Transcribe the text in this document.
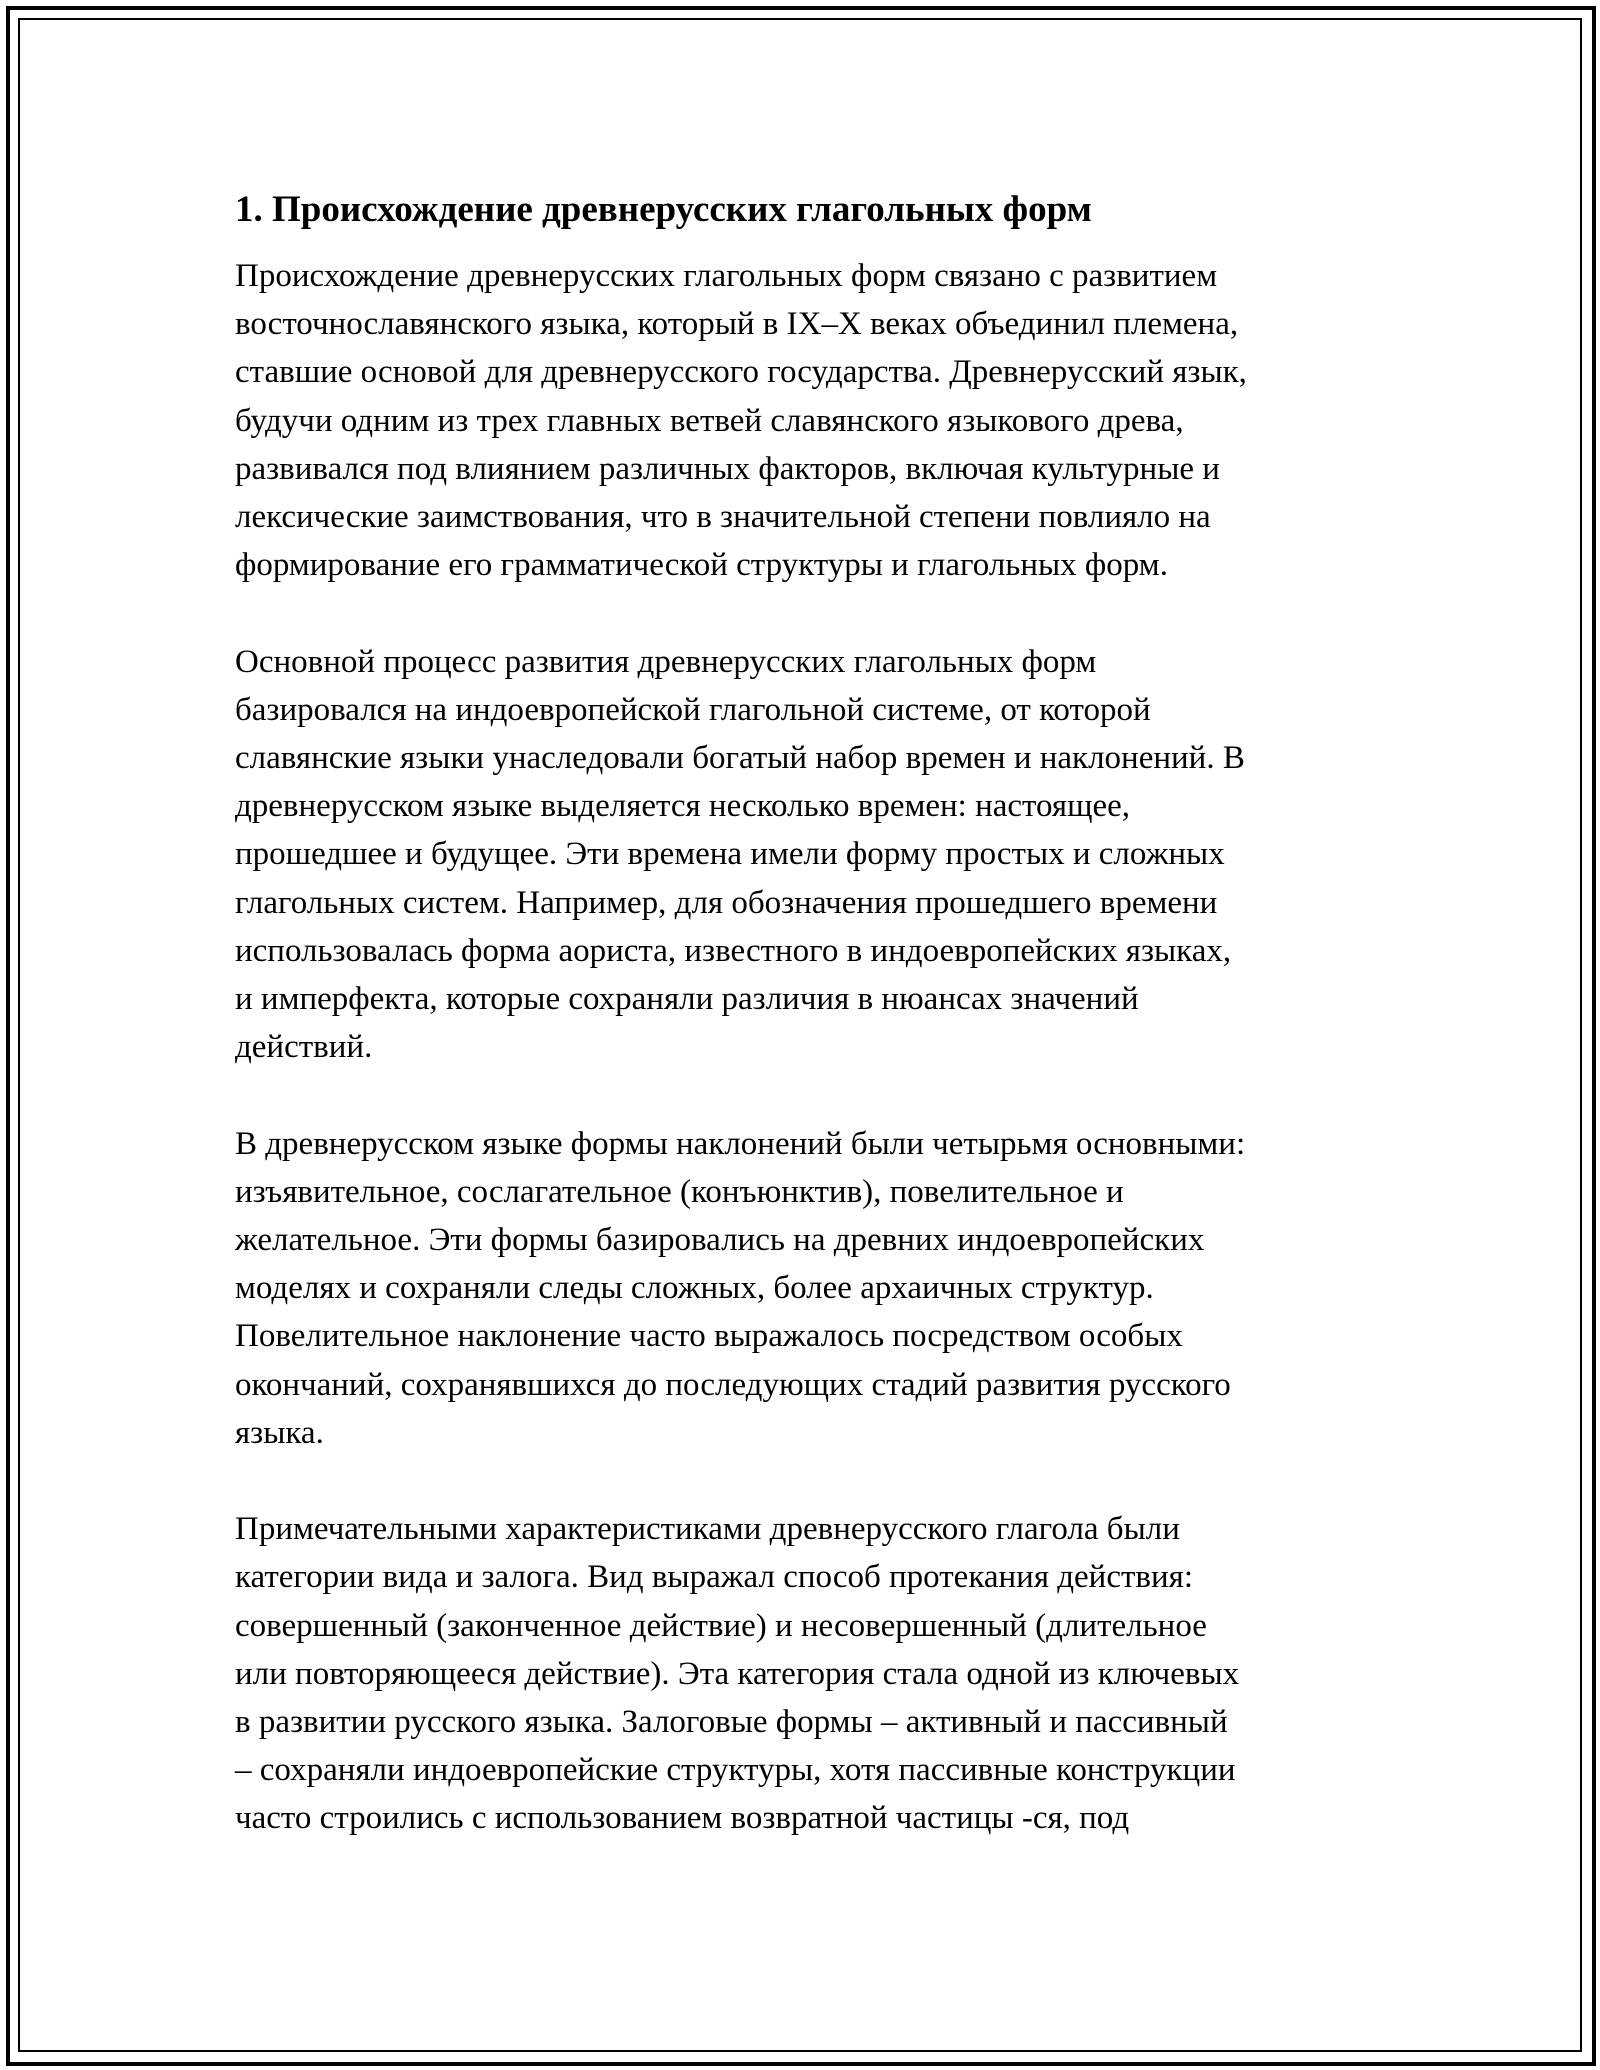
1. Происхождение древнерусских глагольных форм
Происхождение древнерусских глагольных форм связано с развитием
восточнославянского языка, который в IX–X веках объединил племена,
ставшие основой для древнерусского государства. Древнерусский язык,
будучи одним из трех главных ветвей славянского языкового древа,
развивался под влиянием различных факторов, включая культурные и
лексические заимствования, что в значительной степени повлияло на
формирование его грамматической структуры и глагольных форм.
Основной процесс развития древнерусских глагольных форм
базировался на индоевропейской глагольной системе, от которой
славянские языки унаследовали богатый набор времен и наклонений. В
древнерусском языке выделяется несколько времен: настоящее,
прошедшее и будущее. Эти времена имели форму простых и сложных
глагольных систем. Например, для обозначения прошедшего времени
использовалась форма аориста, известного в индоевропейских языках,
и имперфекта, которые сохраняли различия в нюансах значений
действий.
В древнерусском языке формы наклонений были четырьмя основными:
изъявительное, сослагательное (конъюнктив), повелительное и
желательное. Эти формы базировались на древних индоевропейских
моделях и сохраняли следы сложных, более архаичных структур.
Повелительное наклонение часто выражалось посредством особых
окончаний, сохранявшихся до последующих стадий развития русского
языка.
Примечательными характеристиками древнерусского глагола были
категории вида и залога. Вид выражал способ протекания действия:
совершенный (законченное действие) и несовершенный (длительное
или повторяющееся действие). Эта категория стала одной из ключевых
в развитии русского языка. Залоговые формы – активный и пассивный
– сохраняли индоевропейские структуры, хотя пассивные конструкции
часто строились с использованием возвратной частицы -ся, под
